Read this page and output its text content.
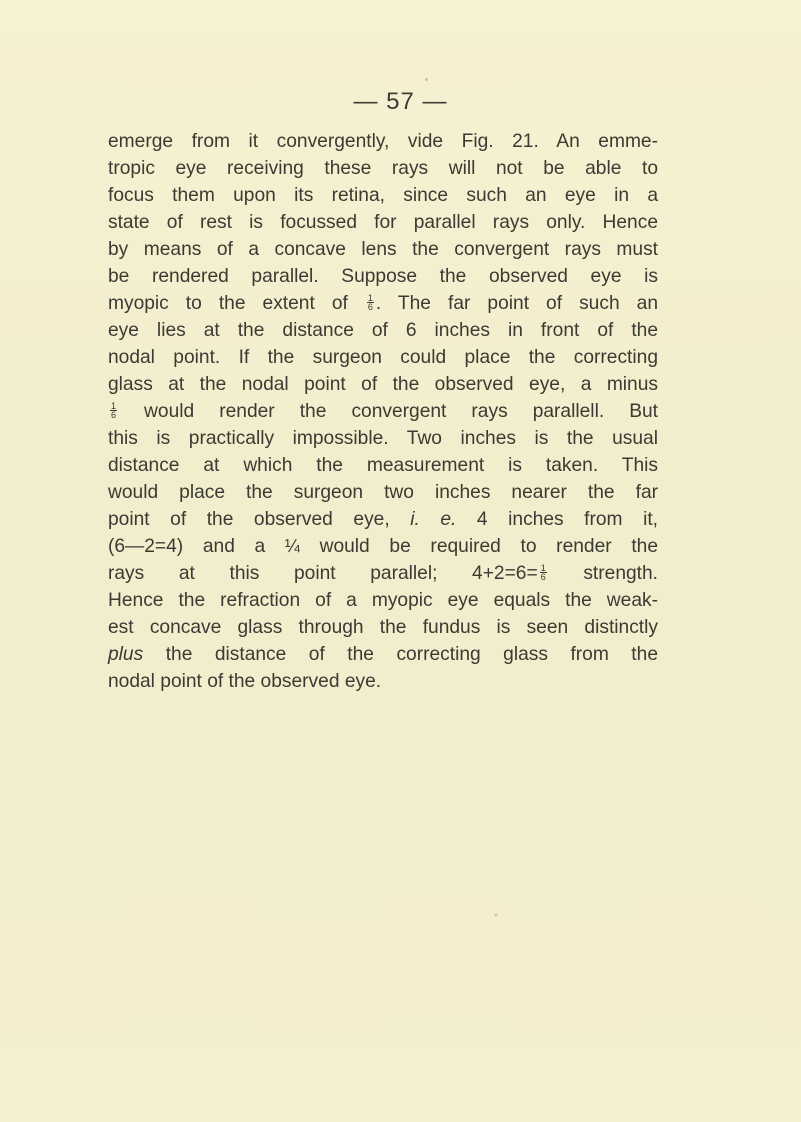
— 57 —
emerge from it convergently, vide Fig. 21. An emme-
tropic eye receiving these rays will not be able to
focus them upon its retina, since such an eye in a
state of rest is focussed for parallel rays only. Hence
by means of a concave lens the convergent rays must
be rendered parallel. Suppose the observed eye is
myopic to the extent of $\frac{1}{6}$ . The far point of such an
eye lies at the distance of 6 inches in front of the
nodal point. If the surgeon could place the correcting
glass at the nodal point of the observed eye, a minus
$\frac{1}{6}$ would render the convergent rays parallell. But
this is practically impossible. Two inches is the usual
distance at which the measurement is taken. This
would place the surgeon two inches nearer the far
point of the observed eye, i. e. 4 inches from it,
(6—2=4) and a ¼ would be required to render the
rays at this point parallel; $4+2=6= \frac{1}{6}$ strength.
Hence the refraction of a myopic eye equals the weak-
est concave glass through the fundus is seen distinctly
plus the distance of the correcting glass from the
nodal point of the observed eye.
